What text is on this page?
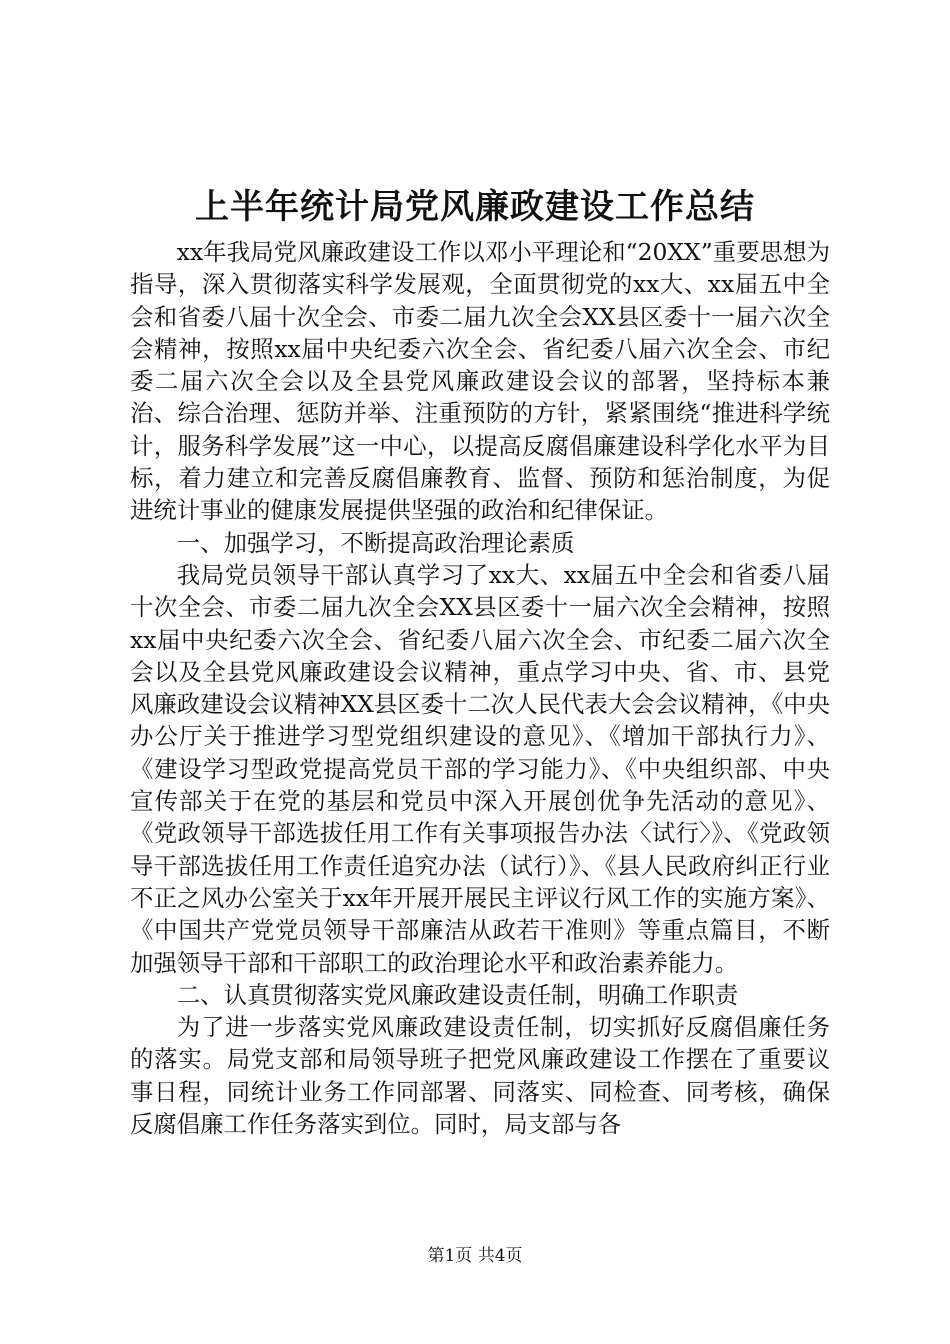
上半年统计局党风廉政建设工作总结

xx年我局党风廉政建设工作以邓小平理论和“20XX”重要思想为指导，深入贯彻落实科学发展观，全面贯彻党的xx大、xx届五中全会和省委八届十次全会、市委二届九次全会XX县区委十一届六次全会精神，按照xx届中央纪委六次全会、省纪委八届六次全会、市纪委二届六次全会以及全县党风廉政建设会议的部署，坚持标本兼治、综合治理、惩防并举、注重预防的方针，紧紧围绕“推进科学统计，服务科学发展”这一中心，以提高反腐倡廉建设科学化水平为目标，着力建立和完善反腐倡廉教育、监督、预防和惩治制度，为促进统计事业的健康发展提供坚强的政治和纪律保证。

一、加强学习，不断提高政治理论素质

我局党员领导干部认真学习了xx大、xx届五中全会和省委八届十次全会、市委二届九次全会XX县区委十一届六次全会精神，按照xx届中央纪委六次全会、省纪委八届六次全会、市纪委二届六次全会以及全县党风廉政建设会议精神，重点学习中央、省、市、县党风廉政建设会议精神XX县区委十二次人民代表大会会议精神，《中央办公厅关于推进学习型党组织建设的意见》、《增加干部执行力》、《建设学习型政党提高党员干部的学习能力》、《中央组织部、中央宣传部关于在党的基层和党员中深入开展创优争先活动的意见》、《党政领导干部选拔任用工作有关事项报告办法〈试行〉》、《党政领导干部选拔任用工作责任追究办法（试行）》、《县人民政府纠正行业不正之风办公室关于xx年开展开展民主评议行风工作的实施方案》、《中国共产党党员领导干部廉洁从政若干准则》等重点篇目，不断加强领导干部和干部职工的政治理论水平和政治素养能力。

二、认真贯彻落实党风廉政建设责任制，明确工作职责

为了进一步落实党风廉政建设责任制，切实抓好反腐倡廉任务的落实。局党支部和局领导班子把党风廉政建设工作摆在了重要议事日程，同统计业务工作同部署、同落实、同检查、同考核，确保反腐倡廉工作任务落实到位。同时，局支部与各

第1页 共4页
